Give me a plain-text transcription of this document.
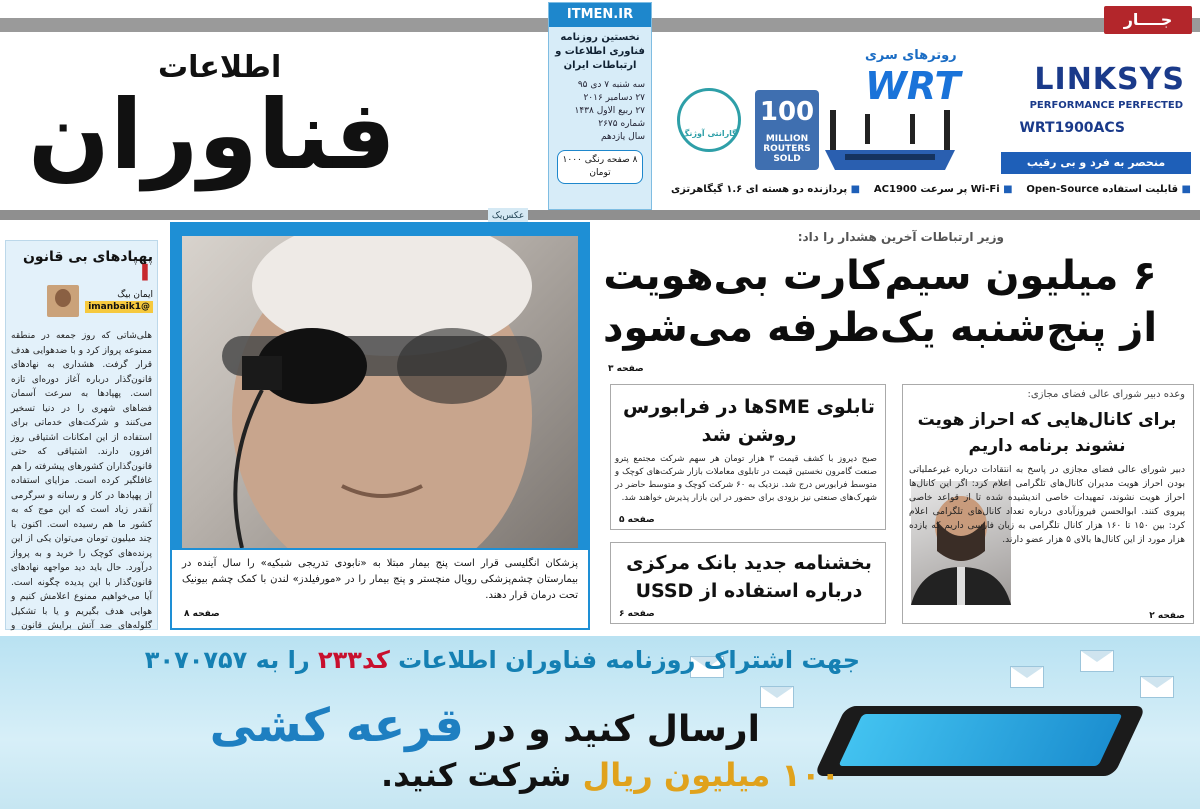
جــــار
اطلاعات
فناوران
ITMEN.IR
نخستین روزنامه فناوری اطلاعات و ارتباطات ایران
سه شنبه ۷ دی ۹۵
۲۷ دسامبر ۲۰۱۶
۲۷ ربیع الاول ۱۴۳۸
شماره ۲۶۷۵
سال یازدهم
۸ صفحه رنگی ۱۰۰۰ تومان
LINKSYS
PERFORMANCE PERFECTED
WRT1900ACS
روترهای سری
WRT
100
MILLION ROUTERS SOLD
گارانتی آوژنگ
منحصر به فرد و بی رقیب
■ قابلیت استفاده Open-Source
■ Wi-Fi پر سرعت AC1900
■ پردازنده دو هسته ای ۱.۶ گیگاهرتزی
عکس‌یک
پهپادهای بی قانون ▌
ایمان بیگ
@imanbaik1
هلی‌شاتی که روز جمعه در منطقه ممنوعه پرواز کرد و با ضدهوایی هدف قرار گرفت. هشداری به نهادهای قانون‌گذار درباره آغاز دوره‌ای تازه است. پهپادها به سرعت آسمان فضاهای شهری را در دنیا تسخیر می‌کنند و شرکت‌های خدماتی برای استفاده از این امکانات اشتیاقی روز افزون دارند. اشتیاقی که حتی قانون‌گذاران کشورهای پیشرفته را هم غافلگیر کرده است. مزایای استفاده از پهپادها در کار و رسانه و سرگرمی آنقدر زیاد است که این موج که به کشور ما هم رسیده است. اکنون با چند میلیون تومان می‌توان یکی از این پرنده‌های کوچک را خرید و به پرواز درآورد. حال باید دید مواجهه نهادهای قانون‌گذار با این پدیده چگونه است. آیا می‌خواهیم ممنوع اعلامش کنیم و هوایی هدف بگیریم و یا با تشکیل گلوله‌های ضد آتش برایش قانون و
پزشکان انگلیسی قرار است پنج بیمار مبتلا به «نابودی تدریجی شبکیه» را سال آینده در بیمارستان چشم‌پزشکی رویال منچستر و پنج بیمار را در «مورفیلدز» لندن با کمک چشم بیونیک تحت درمان قرار دهند.
صفحه ۸
وزیر ارتباطات آخرین هشدار را داد:
۶ میلیون سیم‌کارت بی‌هویت از پنج‌شنبه یک‌طرفه می‌شود
صفحه ۳
وعده دبیر شورای عالی فضای مجازی:
برای کانال‌هایی که احراز هویت نشوند برنامه داریم
دبیر شورای عالی فضای مجازی در پاسخ به انتقادات درباره غیرعملیاتی بودن احراز هویت مدیران کانال‌های تلگرامی اعلام کرد: اگر این کانال‌ها احراز هویت نشوند، تمهیدات خاصی اندیشیده شده تا از قواعد خاصی پیروی کنند. ابوالحسن فیروزآبادی درباره تعداد کانال‌های تلگرامی اعلام کرد: بین ۱۵۰ تا ۱۶۰ هزار کانال تلگرامی به زبان فارسی داریم که یازده هزار مورد از این کانال‌ها بالای ۵ هزار عضو دارند.
صفحه ۲
تابلوی SMEها در فرابورس روشن شد
صبح دیروز با کشف قیمت ۳ هزار تومان هر سهم شرکت مجتمع پترو صنعت گامرون نخستین قیمت در تابلوی معاملات بازار شرکت‌های کوچک و متوسط فرابورس درج شد. نزدیک به ۶۰ شرکت کوچک و متوسط حاضر در شهرک‌های صنعتی نیز بزودی برای حضور در این بازار پذیرش خواهند شد.
صفحه ۵
بخشنامه جدید بانک مرکزی درباره استفاده از USSD
صفحه ۶
جهت اشتراک روزنامه فناوران اطلاعات کد۲۳۳ را به ۳۰۷۰۷۵۷
ارسال کنید و در قرعه کشی
۱۰۰ میلیون ریال شرکت کنید.
